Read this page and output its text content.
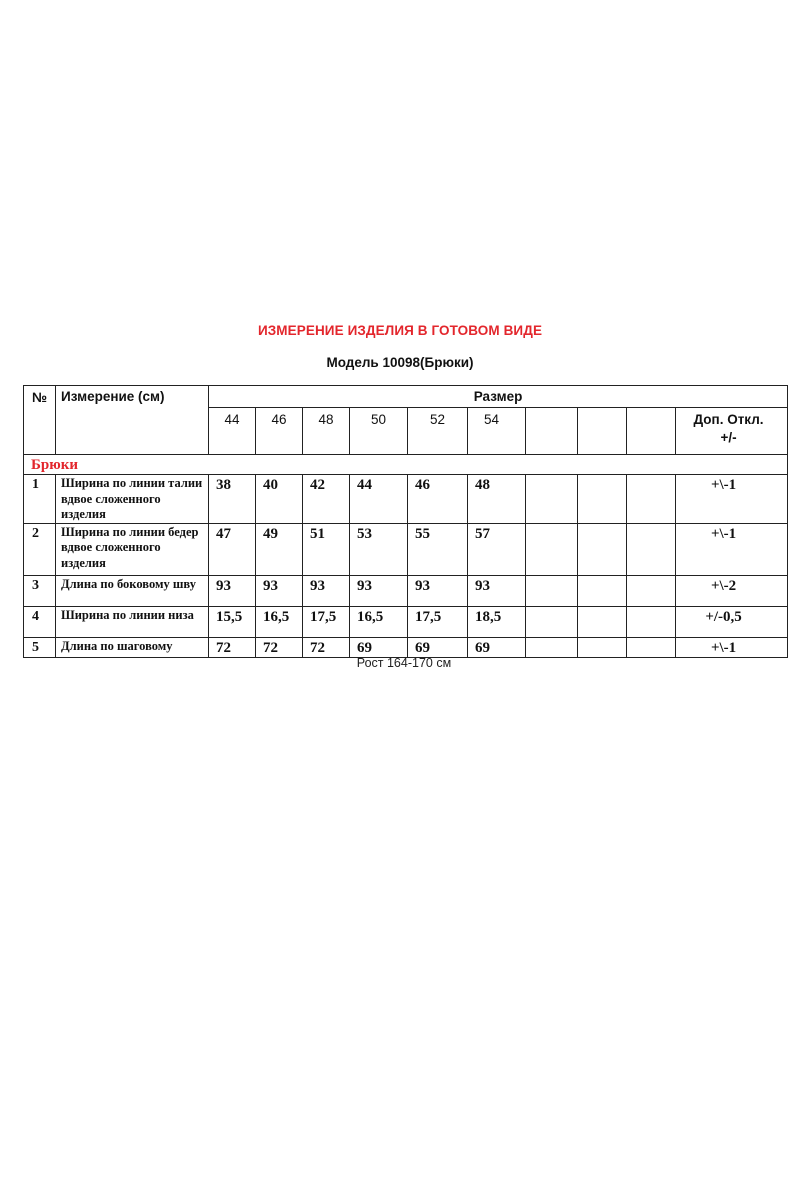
ИЗМЕРЕНИЕ ИЗДЕЛИЯ В ГОТОВОМ ВИДЕ
Модель 10098(Брюки)
№	Измерение (см)	Размер									
		44	46	48	50	52	54				Доп. Откл.
+/-
Брюки											
1	Ширина по линии талии вдвое сложенного изделия	38	40	42	44	46	48				+\-1
2	Ширина по линии бедер вдвое сложенного изделия	47	49	51	53	55	57				+\-1
3	Длина по боковому шву	93	93	93	93	93	93				+\-2
4	Ширина по линии низа	15,5	16,5	17,5	16,5	17,5	18,5				+/-0,5
5	Длина по шаговому	72	72	72	69	69	69				+\-1
Рост 164-170 см
